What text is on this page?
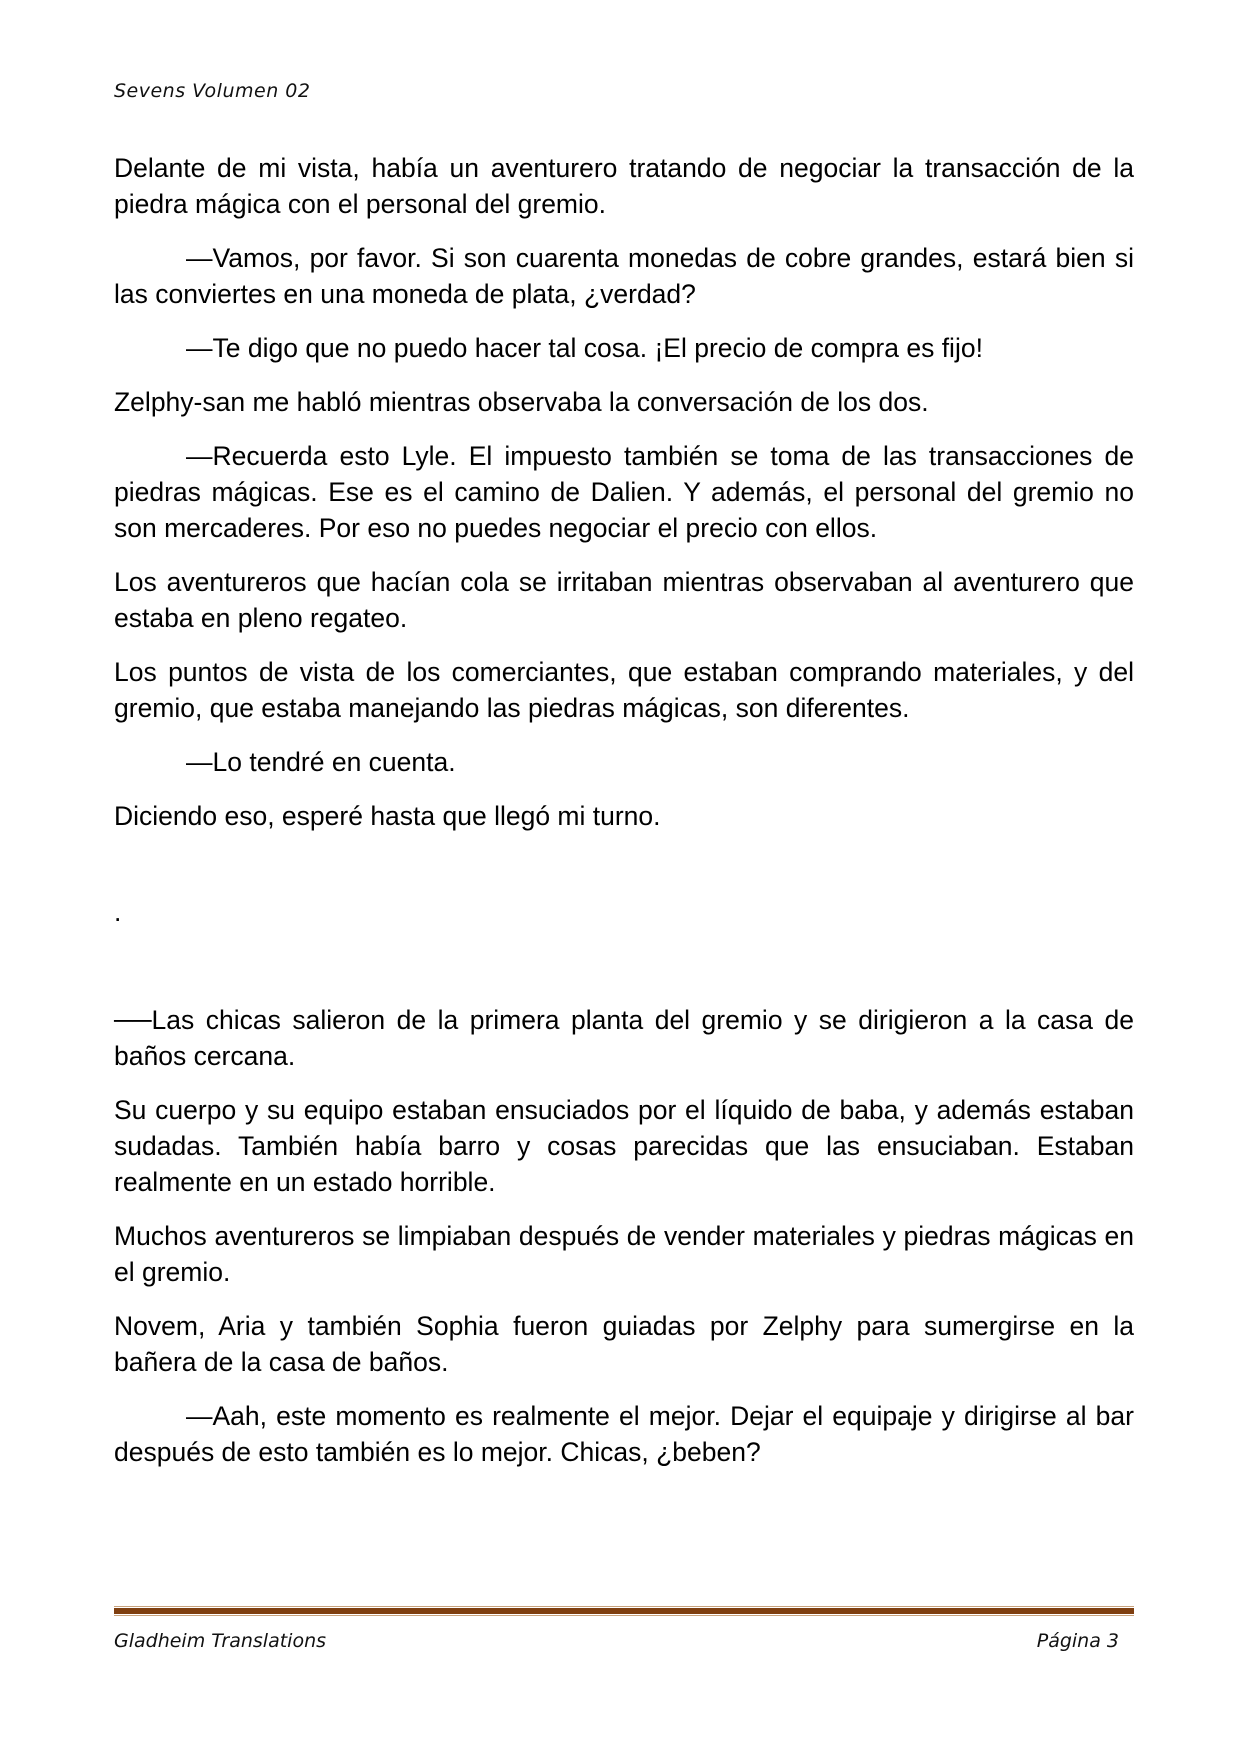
Sevens Volumen 02

Delante de mi vista, había un aventurero tratando de negociar la transacción de la piedra mágica con el personal del gremio.

—Vamos, por favor. Si son cuarenta monedas de cobre grandes, estará bien si las conviertes en una moneda de plata, ¿verdad?

—Te digo que no puedo hacer tal cosa. ¡El precio de compra es fijo!

Zelphy-san me habló mientras observaba la conversación de los dos.

—Recuerda esto Lyle. El impuesto también se toma de las transacciones de piedras mágicas. Ese es el camino de Dalien. Y además, el personal del gremio no son mercaderes. Por eso no puedes negociar el precio con ellos.

Los aventureros que hacían cola se irritaban mientras observaban al aventurero que estaba en pleno regateo.

Los puntos de vista de los comerciantes, que estaban comprando materiales, y del gremio, que estaba manejando las piedras mágicas, son diferentes.

—Lo tendré en cuenta.

Diciendo eso, esperé hasta que llegó mi turno.

.

──Las chicas salieron de la primera planta del gremio y se dirigieron a la casa de baños cercana.

Su cuerpo y su equipo estaban ensuciados por el líquido de baba, y además estaban sudadas. También había barro y cosas parecidas que las ensuciaban. Estaban realmente en un estado horrible.

Muchos aventureros se limpiaban después de vender materiales y piedras mágicas en el gremio.

Novem, Aria y también Sophia fueron guiadas por Zelphy para sumergirse en la bañera de la casa de baños.

—Aah, este momento es realmente el mejor. Dejar el equipaje y dirigirse al bar después de esto también es lo mejor. Chicas, ¿beben?

Gladheim Translations	Página 3
